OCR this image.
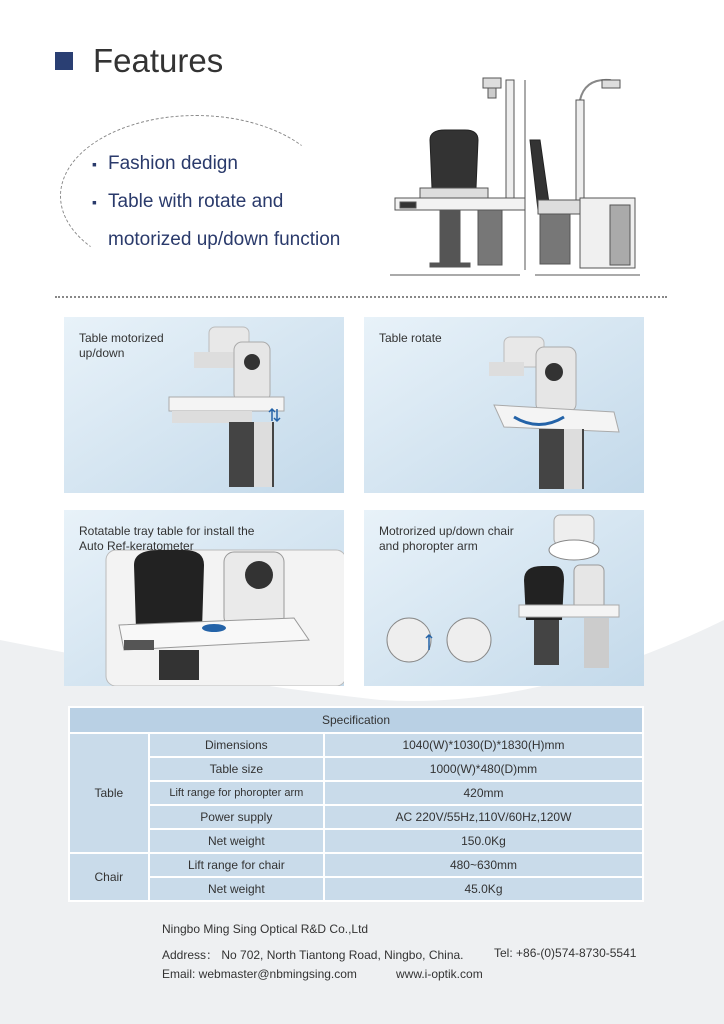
Features
▪ Fashion dedign
▪ Table with rotate and
motorized up/down function
Table motorized
up/down
Table rotate
Rotatable tray table for install the
Auto Ref-keratometer
Motrorized up/down chair
and phoropter arm
Specification		
Table	Dimensions	1040(W)*1030(D)*1830(H)mm
	Table size	1000(W)*480(D)mm
	Lift range for phoropter arm	420mm
	Power supply	AC 220V/55Hz,110V/60Hz,120W
	Net weight	150.0Kg
Chair	Lift range for chair	480~630mm
	Net weight	45.0Kg
Ningbo Ming Sing Optical R&D Co.,Ltd
Address： No 702, North Tiantong Road, Ningbo, China.	Tel: +86-(0)574-8730-5541
Email: webmaster@nbmingsing.com	www.i-optik.com
